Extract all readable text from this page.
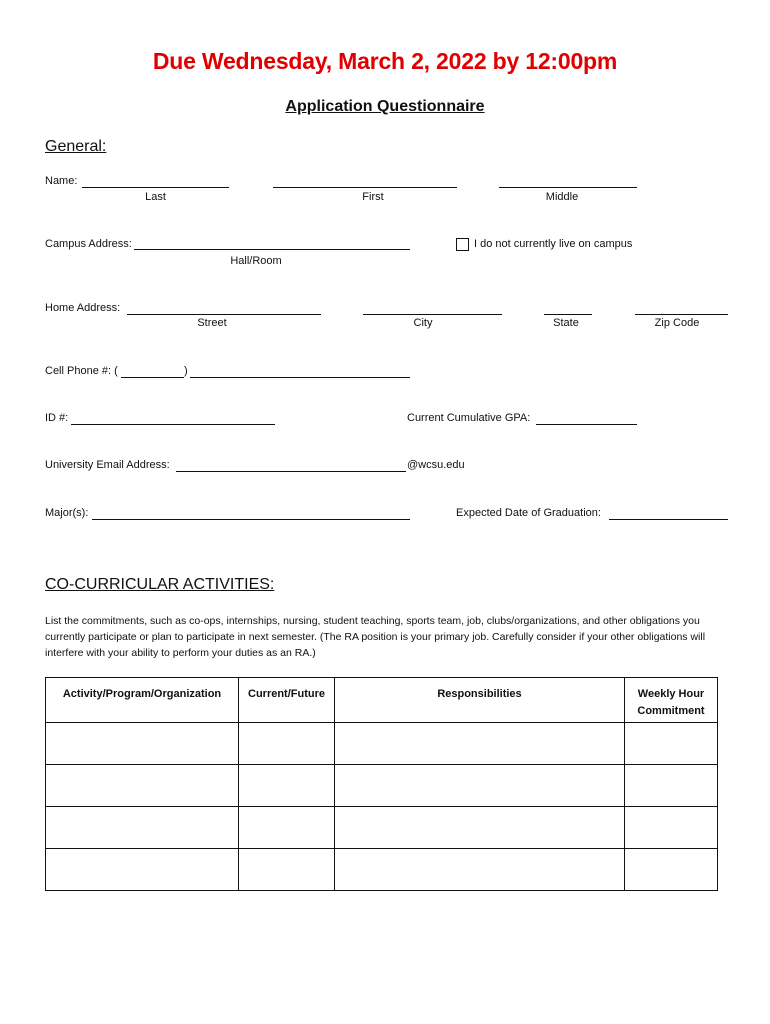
Due Wednesday, March 2, 2022 by 12:00pm
Application Questionnaire
General:
Name:
Last	First	Middle
Campus Address:
Hall/Room
I do not currently live on campus
Home Address:
Street	City	State	Zip Code
Cell Phone #: (	)
ID #:	Current Cumulative GPA:
University Email Address:	@wcsu.edu
Major(s):	Expected Date of Graduation:
CO-CURRICULAR ACTIVITIES:
List the commitments, such as co-ops, internships, nursing, student teaching, sports team, job, clubs/organizations, and other obligations you currently participate or plan to participate in next semester. (The RA position is your primary job. Carefully consider if your other obligations will interfere with your ability to perform your duties as an RA.)
Activity/Program/Organization	Current/Future	Responsibilities	Weekly Hour Commitment
